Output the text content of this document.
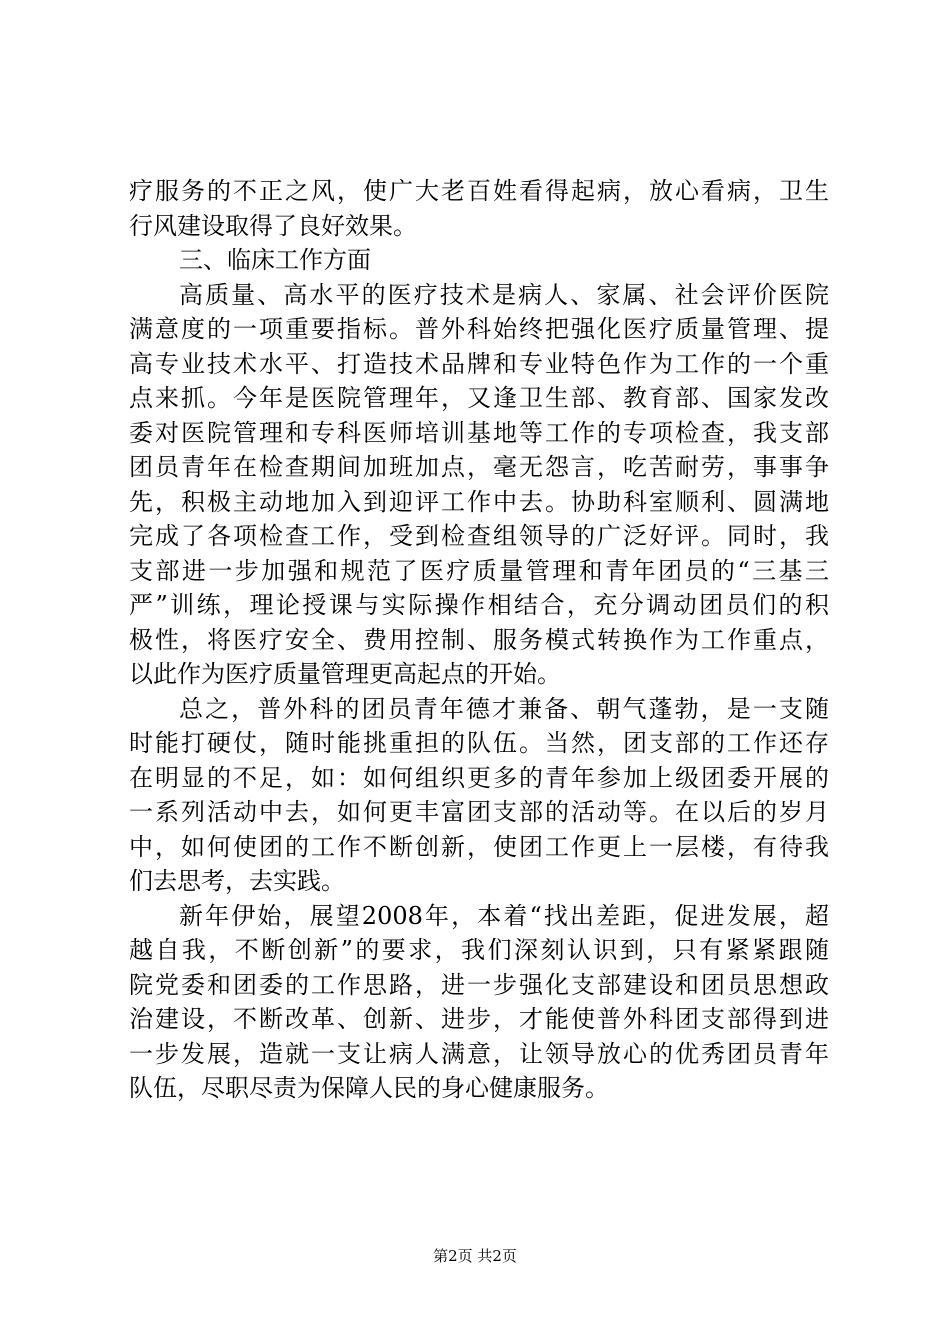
疗服务的不正之风，使广大老百姓看得起病，放心看病，卫生
行风建设取得了良好效果。
三、临床工作方面
高质量、高水平的医疗技术是病人、家属、社会评价医院
满意度的一项重要指标。普外科始终把强化医疗质量管理、提
高专业技术水平、打造技术品牌和专业特色作为工作的一个重
点来抓。今年是医院管理年，又逢卫生部、教育部、国家发改
委对医院管理和专科医师培训基地等工作的专项检查，我支部
团员青年在检查期间加班加点，毫无怨言，吃苦耐劳，事事争
先，积极主动地加入到迎评工作中去。协助科室顺利、圆满地
完成了各项检查工作，受到检查组领导的广泛好评。同时，我
支部进一步加强和规范了医疗质量管理和青年团员的“三基三
严”训练，理论授课与实际操作相结合，充分调动团员们的积
极性，将医疗安全、费用控制、服务模式转换作为工作重点，
以此作为医疗质量管理更高起点的开始。
总之，普外科的团员青年德才兼备、朝气蓬勃，是一支随
时能打硬仗，随时能挑重担的队伍。当然，团支部的工作还存
在明显的不足，如：如何组织更多的青年参加上级团委开展的
一系列活动中去，如何更丰富团支部的活动等。在以后的岁月
中，如何使团的工作不断创新，使团工作更上一层楼，有待我
们去思考，去实践。
新年伊始，展望2008年，本着“找出差距，促进发展，超
越自我，不断创新”的要求，我们深刻认识到，只有紧紧跟随
院党委和团委的工作思路，进一步强化支部建设和团员思想政
治建设，不断改革、创新、进步，才能使普外科团支部得到进
一步发展，造就一支让病人满意，让领导放心的优秀团员青年
队伍，尽职尽责为保障人民的身心健康服务。
第2页 共2页
